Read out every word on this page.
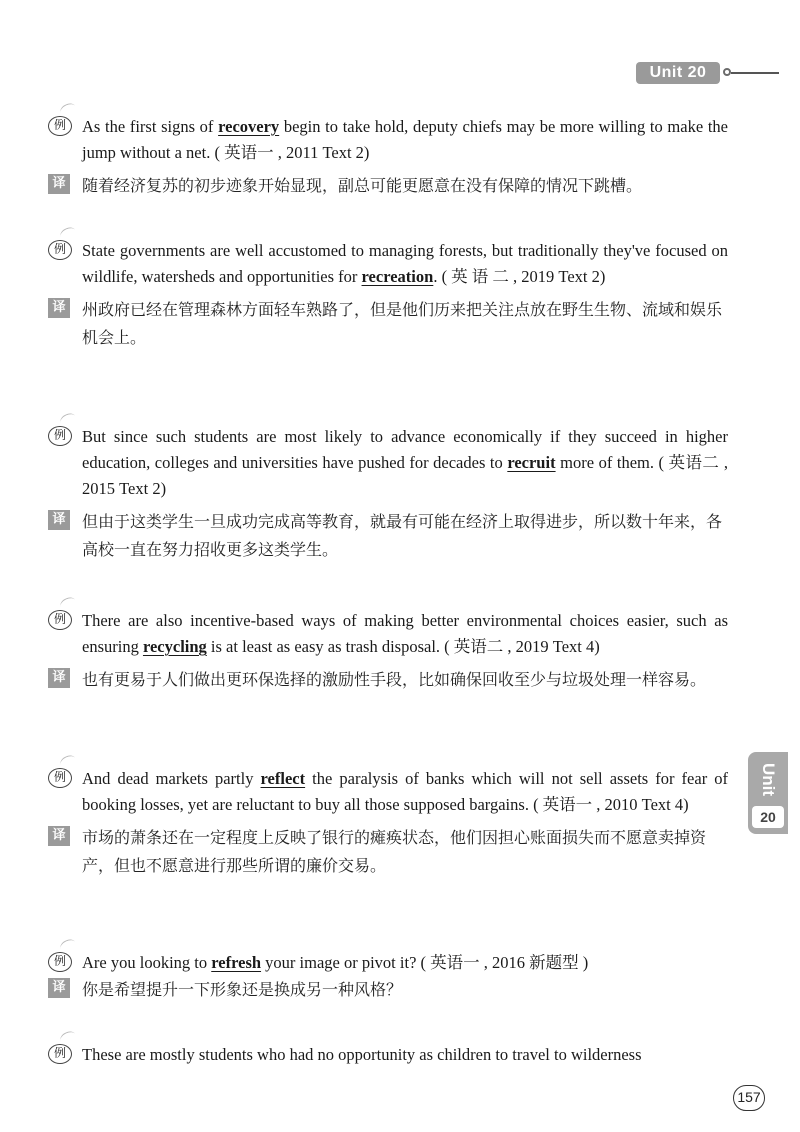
Unit 20
Unit
20
例 As the first signs of recovery begin to take hold, deputy chiefs may be more willing to make the jump without a net. ( 英语一 , 2011 Text 2)
译 随着经济复苏的初步迹象开始显现，副总可能更愿意在没有保障的情况下跳槽。
例 State governments are well accustomed to managing forests, but traditionally they've focused on wildlife, watersheds and opportunities for recreation. ( 英 语 二 , 2019 Text 2)
译 州政府已经在管理森林方面轻车熟路了，但是他们历来把关注点放在野生生物、流域和娱乐机会上。
例 But since such students are most likely to advance economically if they succeed in higher education, colleges and universities have pushed for decades to recruit more of them. ( 英语二 , 2015 Text 2)
译 但由于这类学生一旦成功完成高等教育，就最有可能在经济上取得进步，所以数十年来，各高校一直在努力招收更多这类学生。
例 There are also incentive-based ways of making better environmental choices easier, such as ensuring recycling is at least as easy as trash disposal. ( 英语二 , 2019 Text 4)
译 也有更易于人们做出更环保选择的激励性手段，比如确保回收至少与垃圾处理一样容易。
例 And dead markets partly reflect the paralysis of banks which will not sell assets for fear of booking losses, yet are reluctant to buy all those supposed bargains. ( 英语一 , 2010 Text 4)
译 市场的萧条还在一定程度上反映了银行的瘫痪状态，他们因担心账面损失而不愿意卖掉资产，但也不愿意进行那些所谓的廉价交易。
例 Are you looking to refresh your image or pivot it? ( 英语一 , 2016 新题型 )
译 你是希望提升一下形象还是换成另一种风格？
例 These are mostly students who had no opportunity as children to travel to wilderness
157
